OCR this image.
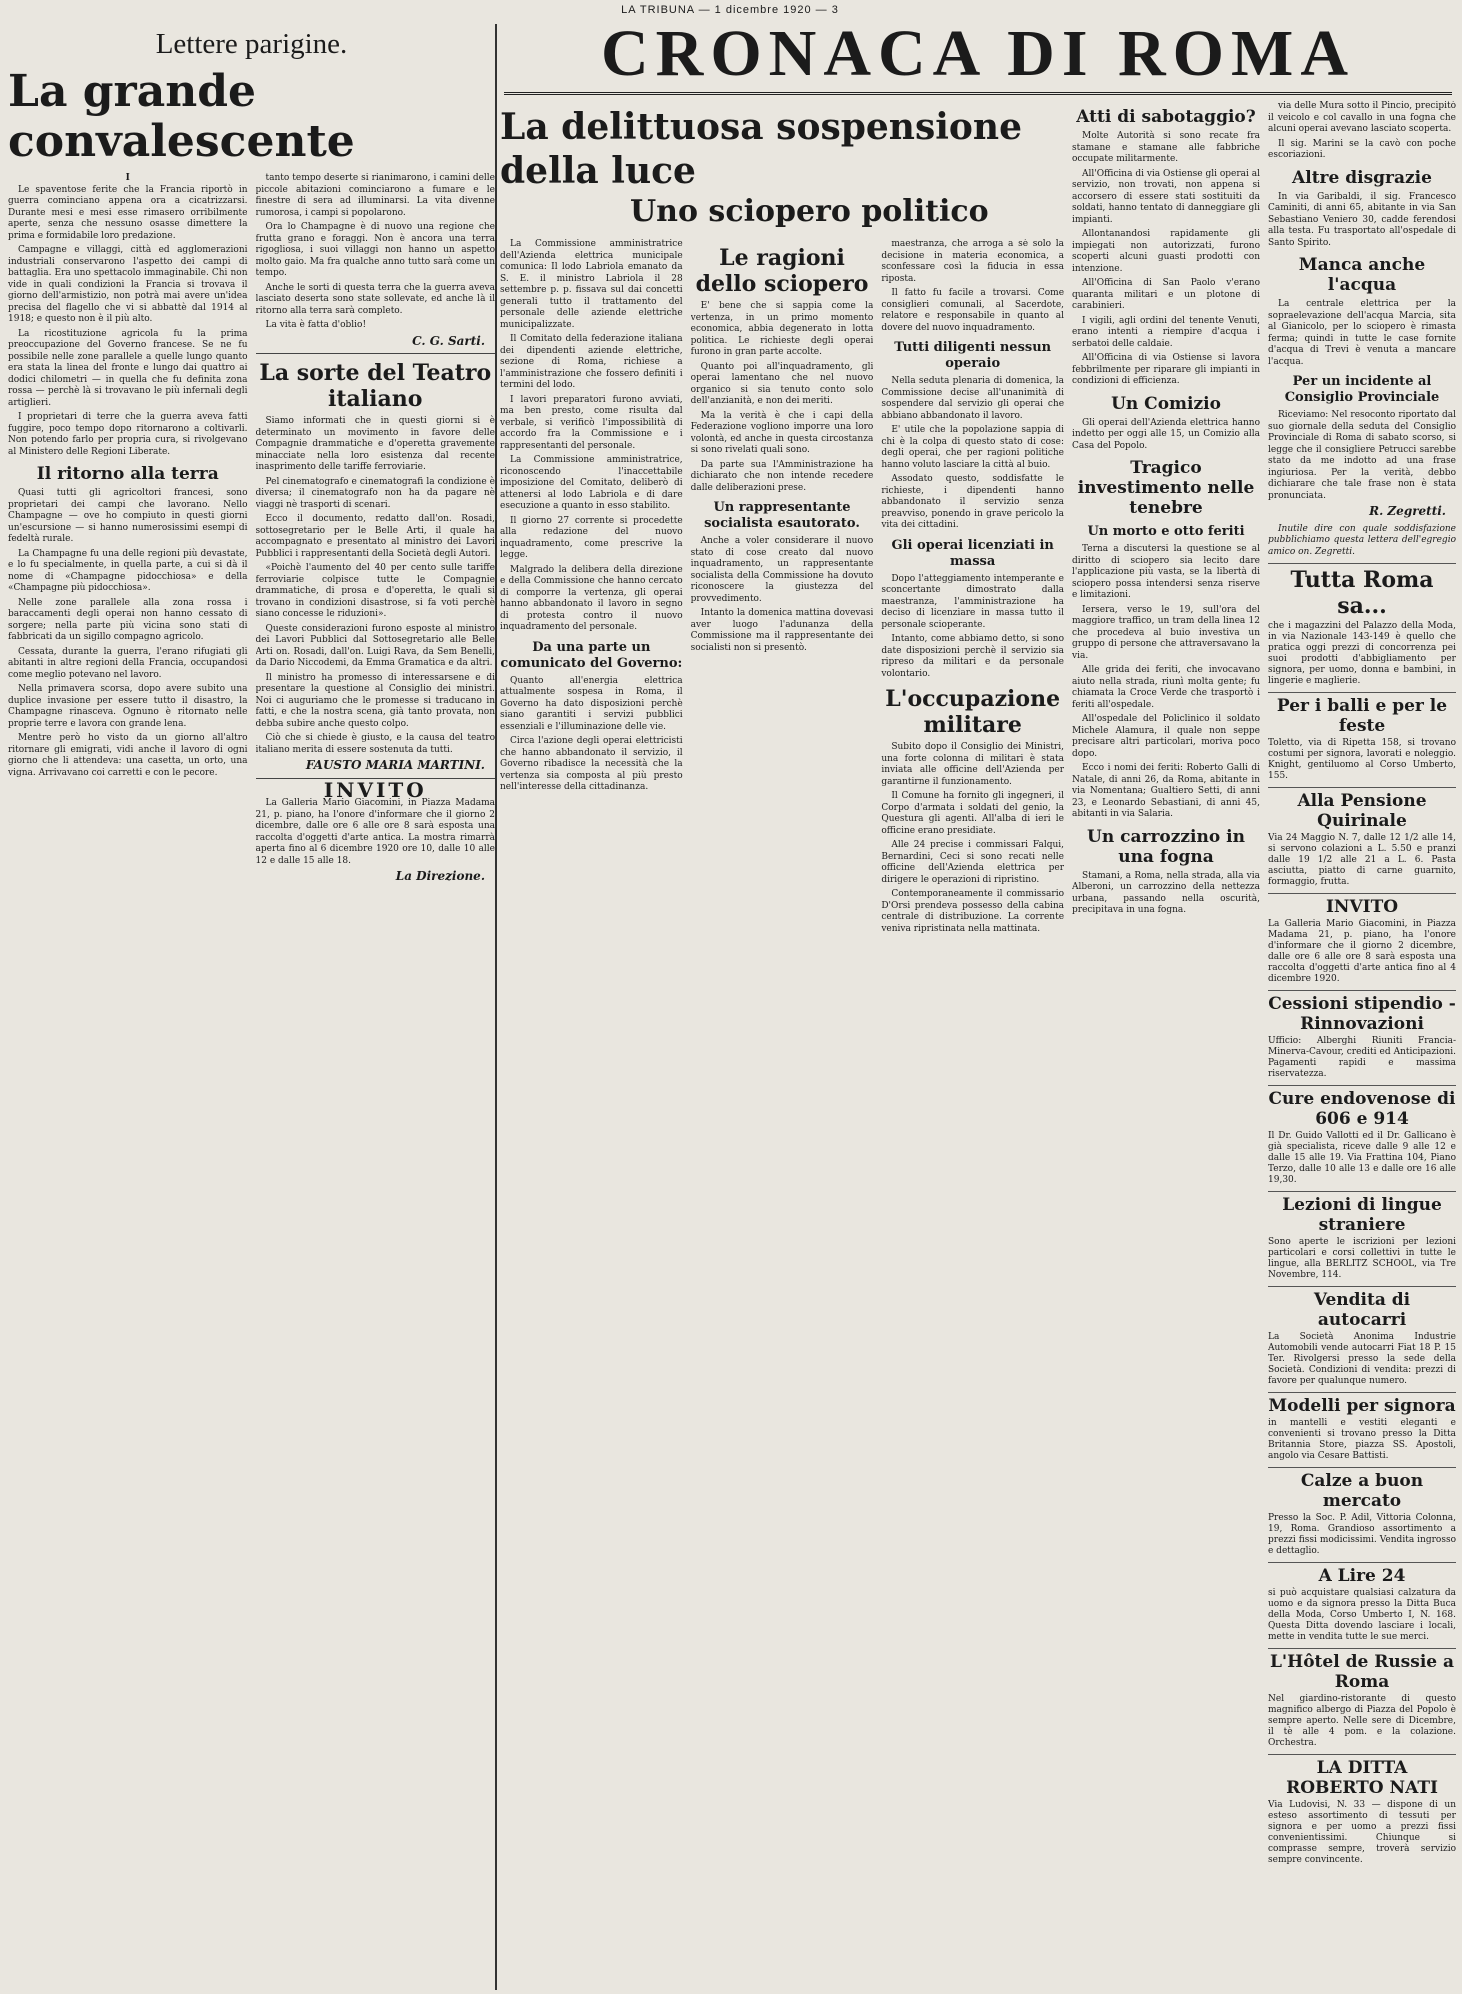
LA TRIBUNA — 1 dicembre 1920 — 3
Lettere parigine.
La grande convalescente
I

Le spaventose ferite che la Francia riportò in guerra cominciano appena ora a cicatrizzarsi. Durante mesi e mesi esse rimasero orribilmente aperte, senza che nessuno osasse dimettere la prima e formidabile loro predazione.

Campagne e villaggi, città ed agglomerazioni industriali conservarono l'aspetto dei campi di battaglia. Era uno spettacolo immaginabile. Chi non vide in quali condizioni la Francia si trovava il giorno dell'armistizio, non potrà mai avere un'idea precisa del flagello che vi si abbattè dal 1914 al 1918; e questo non è il più alto.

La ricostituzione agricola fu la prima preoccupazione del Governo francese. Se ne fu possibile nelle zone parallele a quelle lungo quanto era stata la linea del fronte e lungo dai quattro ai dodici chilometri — in quella che fu definita zona rossa — perchè là si trovavano le più infernali degli artiglieri.

I proprietari di terre che la guerra aveva fatti fuggire, poco tempo dopo ritornarono a coltivarli. Non potendo farlo per propria cura, si rivolgevano al Ministero delle Regioni Liberate.

Il ritorno alla terra

Quasi tutti gli agricoltori francesi, sono proprietari dei campi che lavorano. Nello Champagne — ove ho compiuto in questi giorni un'escursione — si hanno numerosissimi esempi di fedeltà rurale.

La Champagne fu una delle regioni più devastate, e lo fu specialmente, in quella parte, a cui si dà il nome di «Champagne pidocchiosa» e della «Champagne più pidocchiosa».

Nelle zone parallele alla zona rossa i baraccamenti degli operai non hanno cessato di sorgere; nella parte più vicina sono stati di fabbricati da un sigillo compagno agricolo.

Cessata, durante la guerra, l'erano rifugiati gli abitanti in altre regioni della Francia, occupandosi come meglio potevano nel lavoro.

Nella primavera scorsa, dopo avere subito una duplice invasione per essere tutto il disastro, la Champagne rinasceva. Ognuno è ritornato nelle proprie terre e lavora con grande lena.

Mentre però ho visto da un giorno all'altro ritornare gli emigrati, vidi anche il lavoro di ogni giorno che li attendeva: una casetta, un orto, una vigna. Arrivavano coi carretti e con le pecore.

tanto tempo deserte si rianimarono, i camini delle piccole abitazioni cominciarono a fumare e le finestre di sera ad illuminarsi. La vita divenne rumorosa, i campi si popolarono.

Ora lo Champagne è di nuovo una regione che frutta grano e foraggi. Non è ancora una terra rigogliosa, i suoi villaggi non hanno un aspetto molto gaio. Ma fra qualche anno tutto sarà come un tempo.

Anche le sorti di questa terra che la guerra aveva lasciato deserta sono state sollevate, ed anche là il ritorno alla terra sarà completo.

La vita è fatta d'oblio!

C. G. Sarti.
La sorte del Teatro italiano

Siamo informati che in questi giorni si è determinato un movimento in favore delle Compagnie drammatiche e d'operetta gravemente minacciate nella loro esistenza dal recente inasprimento delle tariffe ferroviarie.

Pel cinematografo e cinematografi la condizione è diversa; il cinematografo non ha da pagare nè viaggi nè trasporti di scenari.

Ecco il documento, redatto dall'on. Rosadi, sottosegretario per le Belle Arti, il quale ha accompagnato e presentato al ministro dei Lavori Pubblici i rappresentanti della Società degli Autori.

«Poichè l'aumento del 40 per cento sulle tariffe ferroviarie colpisce tutte le Compagnie drammatiche, di prosa e d'operetta, le quali si trovano in condizioni disastrose, si fa voti perchè siano concesse le riduzioni».

Queste considerazioni furono esposte al ministro dei Lavori Pubblici dal Sottosegretario alle Belle Arti on. Rosadi, dall'on. Luigi Rava, da Sem Benelli, da Dario Niccodemi, da Emma Gramatica e da altri.

Il ministro ha promesso di interessarsene e di presentare la questione al Consiglio dei ministri. Noi ci auguriamo che le promesse si traducano in fatti, e che la nostra scena, già tanto provata, non debba subire anche questo colpo.

Ciò che si chiede è giusto, e la causa del teatro italiano merita di essere sostenuta da tutti.

FAUSTO MARIA MARTINI.
INVITO

La Galleria Mario Giacomini, in Piazza Madama 21, p. piano, ha l'onore d'informare che il giorno 2 dicembre, dalle ore 6 alle ore 8 sarà esposta una raccolta d'oggetti d'arte antica. La mostra rimarrà aperta fino al 6 dicembre 1920 ore 10, dalle 10 alle 12 e dalle 15 alle 18.

La Direzione.
CRONACA DI ROMA
La delittuosa sospensione della luce
Uno sciopero politico

La Commissione amministratrice dell'Azienda elettrica municipale comunica: Il lodo Labriola emanato da S. E. il ministro Labriola il 28 settembre p. p. fissava sul dai concetti generali tutto il trattamento del personale delle aziende elettriche municipalizzate.

Il Comitato della federazione italiana dei dipendenti aziende elettriche, sezione di Roma, richiese a l'amministrazione che fossero definiti i termini del lodo.

I lavori preparatori furono avviati, ma ben presto, come risulta dal verbale, si verificò l'impossibilità di accordo fra la Commissione e i rappresentanti del personale.

La Commissione amministratrice, riconoscendo l'inaccettabile imposizione del Comitato, deliberò di attenersi al lodo Labriola e di dare esecuzione a quanto in esso stabilito.

Il giorno 27 corrente si procedette alla redazione del nuovo inquadramento, come prescrive la legge.

Malgrado la delibera della direzione e della Commissione che hanno cercato di comporre la vertenza, gli operai hanno abbandonato il lavoro in segno di protesta contro il nuovo inquadramento del personale.

Da una parte un comunicato del Governo:

Quanto all'energia elettrica attualmente sospesa in Roma, il Governo ha dato disposizioni perchè siano garantiti i servizi pubblici essenziali e l'illuminazione delle vie.

Circa l'azione degli operai elettricisti che hanno abbandonato il servizio, il Governo ribadisce la necessità che la vertenza sia composta al più presto nell'interesse della cittadinanza.

Le ragioni dello sciopero

E' bene che si sappia come la vertenza, in un primo momento economica, abbia degenerato in lotta politica. Le richieste degli operai furono in gran parte accolte.

Quanto poi all'inquadramento, gli operai lamentano che nel nuovo organico si sia tenuto conto solo dell'anzianità, e non dei meriti.

Ma la verità è che i capi della Federazione vogliono imporre una loro volontà, ed anche in questa circostanza si sono rivelati quali sono.

Da parte sua l'Amministrazione ha dichiarato che non intende recedere dalle deliberazioni prese.

Un rappresentante socialista esautorato.

Anche a voler considerare il nuovo stato di cose creato dal nuovo inquadramento, un rappresentante socialista della Commissione ha dovuto riconoscere la giustezza del provvedimento.

Intanto la domenica mattina dovevasi aver luogo l'adunanza della Commissione ma il rappresentante dei socialisti non si presentò.

maestranza, che arroga a sè solo la decisione in materia economica, a sconfessare così la fiducia in essa riposta.

Il fatto fu facile a trovarsi. Come consiglieri comunali, al Sacerdote, relatore e responsabile in quanto al dovere del nuovo inquadramento.

Tutti diligenti nessun operaio

Nella seduta plenaria di domenica, la Commissione decise all'unanimità di sospendere dal servizio gli operai che abbiano abbandonato il lavoro.

E' utile che la popolazione sappia di chi è la colpa di questo stato di cose: degli operai, che per ragioni politiche hanno voluto lasciare la città al buio.

Assodato questo, soddisfatte le richieste, i dipendenti hanno abbandonato il servizio senza preavviso, ponendo in grave pericolo la vita dei cittadini.

Gli operai licenziati in massa

Dopo l'atteggiamento intemperante e sconcertante dimostrato dalla maestranza, l'amministrazione ha deciso di licenziare in massa tutto il personale scioperante.

Intanto, come abbiamo detto, si sono date disposizioni perchè il servizio sia ripreso da militari e da personale volontario.

L'occupazione militare

Subito dopo il Consiglio dei Ministri, una forte colonna di militari è stata inviata alle officine dell'Azienda per garantirne il funzionamento.

Il Comune ha fornito gli ingegneri, il Corpo d'armata i soldati del genio, la Questura gli agenti. All'alba di ieri le officine erano presidiate.

Alle 24 precise i commissari Falqui, Bernardini, Ceci si sono recati nelle officine dell'Azienda elettrica per dirigere le operazioni di ripristino.

Contemporaneamente il commissario D'Orsi prendeva possesso della cabina centrale di distribuzione. La corrente veniva ripristinata nella mattinata.

Atti di sabotaggio?

Molte Autorità si sono recate fra stamane e stamane alle fabbriche occupate militarmente.

All'Officina di via Ostiense gli operai al servizio, non trovati, non appena si accorsero di essere stati sostituiti da soldati, hanno tentato di danneggiare gli impianti.

Allontanandosi rapidamente gli impiegati non autorizzati, furono scoperti alcuni guasti prodotti con intenzione.

All'Officina di San Paolo v'erano quaranta militari e un plotone di carabinieri.

I vigili, agli ordini del tenente Venuti, erano intenti a riempire d'acqua i serbatoi delle caldaie.

All'Officina di via Ostiense si lavora febbrilmente per riparare gli impianti in condizioni di efficienza.

Un Comizio

Gli operai dell'Azienda elettrica hanno indetto per oggi alle 15, un Comizio alla Casa del Popolo.

Tragico investimento nelle tenebre
Un morto e otto feriti

Terna a discutersi la questione se al diritto di sciopero sia lecito dare l'applicazione più vasta, se la libertà di sciopero possa intendersi senza riserve e limitazioni.

Iersera, verso le 19, sull'ora del maggiore traffico, un tram della linea 12 che procedeva al buio investiva un gruppo di persone che attraversavano la via.

Alle grida dei feriti, che invocavano aiuto nella strada, riunì molta gente; fu chiamata la Croce Verde che trasportò i feriti all'ospedale.

All'ospedale del Policlinico il soldato Michele Alamura, il quale non seppe precisare altri particolari, moriva poco dopo.

Ecco i nomi dei feriti: Roberto Galli di Natale, di anni 26, da Roma, abitante in via Nomentana; Gualtiero Setti, di anni 23, e Leonardo Sebastiani, di anni 45, abitanti in via Salaria.

Un carrozzino in una fogna

Stamani, a Roma, nella strada, alla via Alberoni, un carrozzino della nettezza urbana, passando nella oscurità, precipitava in una fogna.

via delle Mura sotto il Pincio, precipitò il veicolo e col cavallo in una fogna che alcuni operai avevano lasciato scoperta.

Il sig. Marini se la cavò con poche escoriazioni.

Altre disgrazie

In via Garibaldi, il sig. Francesco Caminiti, di anni 65, abitante in via San Sebastiano Veniero 30, cadde ferendosi alla testa. Fu trasportato all'ospedale di Santo Spirito.

Manca anche l'acqua

La centrale elettrica per la sopraelevazione dell'acqua Marcia, sita al Gianicolo, per lo sciopero è rimasta ferma; quindi in tutte le case fornite d'acqua di Trevi è venuta a mancare l'acqua.

Per un incidente al Consiglio Provinciale

Riceviamo: Nel resoconto riportato dal suo giornale della seduta del Consiglio Provinciale di Roma di sabato scorso, si legge che il consigliere Petrucci sarebbe stato da me indotto ad una frase ingiuriosa. Per la verità, debbo dichiarare che tale frase non è stata pronunciata.

R. Zegretti.

Inutile dire con quale soddisfazione pubblichiamo questa lettera dell'egregio amico on. Zegretti.

Tutta Roma sa...
che i magazzini del Palazzo della Moda, in via Nazionale 143-149 è quello che pratica oggi prezzi di concorrenza pei suoi prodotti d'abbigliamento per signora, per uomo, donna e bambini, in lingerie e maglierie.
Per i balli e per le feste
Toletto, via di Ripetta 158, si trovano costumi per signora, lavorati e noleggio. Knight, gentiluomo al Corso Umberto, 155.
Alla Pensione Quirinale
Via 24 Maggio N. 7, dalle 12 1/2 alle 14, si servono colazioni a L. 5.50 e pranzi dalle 19 1/2 alle 21 a L. 6. Pasta asciutta, piatto di carne guarnito, formaggio, frutta.
INVITO
La Galleria Mario Giacomini, in Piazza Madama 21, p. piano, ha l'onore d'informare che il giorno 2 dicembre, dalle ore 6 alle ore 8 sarà esposta una raccolta d'oggetti d'arte antica fino al 4 dicembre 1920.
Cessioni stipendio - Rinnovazioni
Ufficio: Alberghi Riuniti Francia-Minerva-Cavour, crediti ed Anticipazioni. Pagamenti rapidi e massima riservatezza.
Cure endovenose di 606 e 914
Il Dr. Guido Vallotti ed il Dr. Gallicano è già specialista, riceve dalle 9 alle 12 e dalle 15 alle 19. Via Frattina 104, Piano Terzo, dalle 10 alle 13 e dalle ore 16 alle 19,30.
Lezioni di lingue straniere
Sono aperte le iscrizioni per lezioni particolari e corsi collettivi in tutte le lingue, alla BERLITZ SCHOOL, via Tre Novembre, 114.
Vendita di autocarri
La Società Anonima Industrie Automobili vende autocarri Fiat 18 P. 15 Ter. Rivolgersi presso la sede della Società. Condizioni di vendita: prezzi di favore per qualunque numero.
Modelli per signora
in mantelli e vestiti eleganti e convenienti si trovano presso la Ditta Britannia Store, piazza SS. Apostoli, angolo via Cesare Battisti.
Calze a buon mercato
Presso la Soc. P. Adil, Vittoria Colonna, 19, Roma. Grandioso assortimento a prezzi fissi modicissimi. Vendita ingrosso e dettaglio.
A Lire 24
si può acquistare qualsiasi calzatura da uomo e da signora presso la Ditta Buca della Moda, Corso Umberto I, N. 168. Questa Ditta dovendo lasciare i locali, mette in vendita tutte le sue merci.
L'Hôtel de Russie a Roma
Nel giardino-ristorante di questo magnifico albergo di Piazza del Popolo è sempre aperto. Nelle sere di Dicembre, il tè alle 4 pom. e la colazione. Orchestra.
LA DITTA ROBERTO NATI
Via Ludovisi, N. 33 — dispone di un esteso assortimento di tessuti per signora e per uomo a prezzi fissi convenientissimi. Chiunque si comprasse sempre, troverà servizio sempre convincente.
